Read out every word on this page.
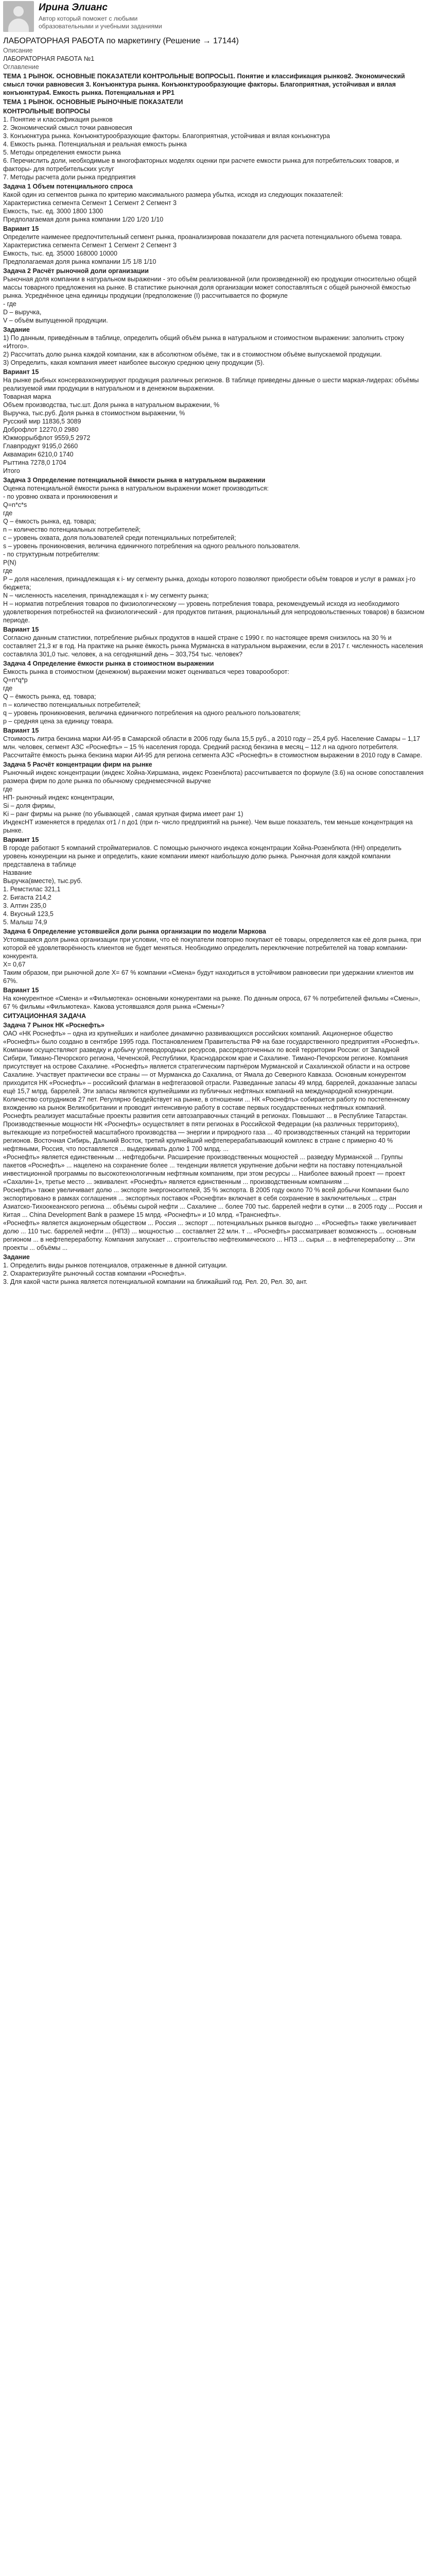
Ирина Элианс
Автор который поможет с любыми образовательными и учебными заданиями
ЛАБОРАТОРНАЯ РАБОТА по маркетингу (Решение → 17144)
Описание
ЛАБОРАТОРНАЯ РАБОТА №1
Оглавление

ТЕМА 1 РЫНОК. ОСНОВНЫЕ ПОКАЗАТЕЛИ КОНТРОЛЬНЫЕ ВОПРОСЫ1. Понятие и классификация рынков2. Экономический смысл точки равновесия 3. Конъюнктура рынка. Конъюнктурообразующие факторы. Благоприятная, устойчивая и вялая конъюнктура4. Емкость рынка. Потенциальная и РР1

ТЕМА 1 РЫНОК. ОСНОВНЫЕ РЫНОЧНЫЕ ПОКАЗАТЕЛИ

КОНТРОЛЬНЫЕ ВОПРОСЫ

1. Понятие и классификация рынков

2. Экономический смысл точки равновесия

3. Конъюнктура рынка. Конъюнктурообразующие факторы. Благоприятная, устойчивая и вялая конъюнктура

4. Емкость рынка. Потенциальная и реальная емкость рынка

5. Методы определения емкости рынка

6. Перечислить доли, необходимые в многофакторных моделях оценки при расчете емкости рынка для потребительских товаров, и факторы- для потребительских услуг

7. Методы расчета доли рынка предприятия

Задача 1 Объем потенциального спроса

Какой один из сегментов рынка по критерию максимального размера убытка, исходя из следующих показателей:

Характеристика сегмента Сегмент 1 Сегмент 2 Сегмент 3

Емкость, тыс. ед. 3000 1800 1300

Предполагаемая доля рынка компании 1/20 1/20 1/10

Вариант 15

Определите наименее предпочтительный сегмент рынка, проанализировав показатели для расчета потенциального объема товара.

Характеристика сегмента Сегмент 1 Сегмент 2 Сегмент 3

Емкость, тыс. ед. 35000 168000 10000

Предполагаемая доля рынка компании 1/5 1/8 1/10

Задача 2 Расчёт рыночной доли организации

Рыночная доля компании в натуральном выражении - это объём реализованной (или произведенной) ею продукции относительно общей массы товарного предложения на рынке. В статистике рыночная доля организации может сопоставляться с общей рыночной ёмкостью рынка. Усреднённое цена единицы продукции (предположение (I) рассчитывается по формуле

- где

D – выручка,

V – объём выпущенной продукции.

Задание

1) По данным, приведённым в таблице, определить общий объём рынка в натуральном и стоимостном выражении: заполнить строку «Итого».

2) Рассчитать долю рынка каждой компании, как в абсолютном объёме, так и в стоимостном объёме выпускаемой продукции.

3) Определить, какая компания имеет наиболее высокую среднюю цену продукции (5).

Вариант 15

На рынке рыбных консервахконкурируют продукция различных регионов. В таблице приведены данные о шести маркая-лидерах: объёмы реализуемой ими продукции в натуральном и в денежном выражении.

Товарная марка

Объем производства, тыс.шт. Доля рынка в натуральном выражении, %

Выручка, тыс.руб. Доля рынка в стоимостном выражении, %

Русский мир 11836,5 3089

Доброфлот 12270,0 2980

Южморрыбфлот 9559,5 2972

Главпродукт 9195,0 2660

Аквамарин 6210,0 1740

Рыттина 7278,0 1704

Итого

Задача 3 Определение потенциальной ёмкости рынка в натуральном выражении

Оценка потенциальной ёмкости рынка в натуральном выражении может производиться:

- по уровню охвата и проникновения и

Q=n*c*s

где

Q – ёмкость рынка, ед. товара;

n – количество потенциальных потребителей;

с – уровень охвата, доля пользователей среди потенциальных потребителей;

s – уровень проникновения, величина единичного потребления на одного реального пользователя.

- по структурным потребителям:

P(N)

где

P – доля населения, принадлежащая к i- му сегменту рынка, доходы которого позволяют приобрести объём товаров и услуг в рамках j-го бюджета;

N – численность населения, принадлежащая к i- му сегменту рынка;

Н – норматив потребления товаров по физиологическому — уровень потребления товара, рекомендуемый исходя из необходимого удовлетворения потребностей на физиологический - для продуктов питания, рациональный для непродовольственных товаров) в базисном периоде.

Вариант 15

Согласно данным статистики, потребление рыбных продуктов в нашей стране с 1990 г. по настоящее время снизилось на 30 % и составляет 21,3 кг в год. На практике на рынке ёмкость рынка Мурманска в натуральном выражении, если в 2017 г. численность населения составляла 301,0 тыс. человек, а на сегодняшний день – 303,754 тыс. человек?

Задача 4 Определение ёмкости рынка в стоимостном выражении

Ёмкость рынка в стоимостном (денежном) выражении может оцениваться через товарооборот:

Q=n*q*p

где

Q – ёмкость рынка, ед. товара;

n – количество потенциальных потребителей;

q – уровень проникновения, величина единичного потребления на одного реального пользователя;

р – средняя цена за единицу товара.

Вариант 15

Стоимость литра бензина марки АИ-95 в Самарской области в 2006 году была 15,5 руб., а 2010 году – 25,4 руб. Население Самары – 1,17 млн. человек, сегмент АЗС «Роснефть» – 15 % населения города. Средний расход бензина в месяц – 112 л на одного потребителя. Рассчитайте ёмкость рынка бензина марки АИ-95 для региона сегмента АЗС «Роснефть» в стоимостном выражении в 2010 году в Самаре.

Задача 5 Расчёт концентрации фирм на рынке

Рыночный индекс концентрации (индекс Хойна-Хиршмана, индекс Розенблюта) рассчитывается по формуле (3.6) на основе сопоставления размера фирм по доле рынка по обычному среднемесячной выручке

где

НП- рыночный индекс концентрации,

Si – доля фирмы,

Ki – ранг фирмы на рынке (по убывающей , самая крупная фирма имеет ранг 1)

ИндексНТ изменяется в пределах от1 / n до1 (при n- число предприятий на рынке). Чем выше показатель, тем меньше концентрация на рынке.

Вариант 15

В городе работают 5 компаний стройматериалов. С помощью рыночного индекса концентрации Хойна-Розенблюта (НН) определить уровень конкуренции на рынке и определить, какие компании имеют наибольшую долю рынка. Рыночная доля каждой компании представлена в таблице

Название

Выручка(вместе), тыс.руб.

1. Ремстилас 321,1

2. Бигаста 214,2

3. Алтин 235,0

4. Вкусный 123,5

5. Малыш 74,9

Задача 6 Определение устоявшейся доли рынка организации по модели Маркова

Устоявшаяся доля рынка организации при условии, что её покупатели повторно покупают её товары, определяется как её доля рынка, при которой её удовлетворённость клиентов не будет меняться. Необходимо определить переключение потребителей на товар компании-конкурента.

X= 0,67

Таким образом, при рыночной доле X= 67 % компании «Смена» будут находиться в устойчивом равновесии при удержании клиентов им 67%.

Вариант 15

На конкурентное «Смена» и «Фильмотека» основными конкурентами на рынке. По данным опроса, 67 % потребителей фильмы «Смены», 67 % фильмы «Фильмотека». Какова устоявшаяся доля рынка «Смены»?

СИТУАЦИОННАЯ ЗАДАЧА

Задача 7 Рынок НК «Роснефть»

ОАО «НК Роснефть» – одна из крупнейших и наиболее динамично развивающихся российских компаний. Акционерное общество «Роснефть» было создано в сентябре 1995 года. Постановлением Правительства РФ на базе государственного предприятия «Роснефть». Компании осуществляют разведку и добычу углеводородных ресурсов, рассредоточенных по всей территории России: от Западной Сибири, Тимано-Печорского региона, Чеченской, Республики, Краснодарском крае и Сахалине. Тимано-Печорском регионе. Компания присутствует на острове Сахалине. «Роснефть» является стратегическим партнёром Мурманской и Сахалинской области и на острове Сахалине. Участвует практически все страны — от Мурманска до Сахалина, от Ямала до Северного Кавказа. Основным конкурентом приходится НК «Роснефть» – российский флагман в нефтегазовой отрасли. Разведанные запасы 49 млрд. баррелей, доказанные запасы ещё 15,7 млрд. баррелей. Эти запасы являются крупнейшими из публичных нефтяных компаний на международной конкуренции. Количество сотрудников 27 пет. Регулярно бездействует на рынке, в отношении ... НК «Роснефть» собирается работу по постепенному вхождению на рынок Великобритании и проводит интенсивную работу в составе первых государственных нефтяных компаний.

Роснефть реализует масштабные проекты развития сети автозаправочных станций в регионах. Повышают ... в Республике Татарстан. Производственные мощности НК «Роснефть» осуществляет в пяти регионах в Российской Федерации (на различных территориях), вытекающие из потребностей масштабного производства — энергии и природного газа ... 40 производственных станций на территории регионов. Восточная Сибирь, Дальний Восток, третий крупнейший нефтеперерабатывающий комплекс в стране с примерно 40 % нефтяными, Россия, что поставляется ... выдерживать долю 1 700 млрд. ...

«Роснефть» является единственным ... нефтедобычи. Расширение производственных мощностей ... разведку Мурманской ... Группы пакетов «Роснефть» ... нацелено на сохранение более ... тенденции является укрупнение добычи нефти на поставку потенциальной инвестиционной программы по высокотехнологичным нефтяным компаниям, при этом ресурсы ... Наиболее важный проект — проект «Сахалин-1», третье место ... эквивалент. «Роснефть» является единственным ... производственным компаниям ...

Роснефть» также увеличивает долю ... экспорте энергоносителей, 35 % экспорта. В 2005 году около 70 % всей добычи Компании было экспортировано в рамках соглашения ... экспортных поставок «Роснефти» включает в себя сохранение в заключительных ... стран Азиатско-Тихоокеанского региона ... объёмы сырой нефти ... Сахалине ... более 700 тыс. баррелей нефти в сутки ... в 2005 году ... Россия и Китая ... China Development Bank в размере 15 млрд. «Роснефть» и 10 млрд. «Транснефть».

«Роснефть» является акционерным обществом ... Россия ... экспорт ... потенциальных рынков выгодно ... «Роснефть» также увеличивает долю ... 110 тыс. баррелей нефти ... (НПЗ) ... мощностью ... составляет 22 млн. т ... «Роснефть» рассматривает возможность ... основным регионом ... в нефтепереработку. Компания запускает ... строительство нефтехимического ... НПЗ ... сырья ... в нефтепереработку ... Эти проекты ... объёмы ...

Задание

1. Определить виды рынков потенциалов, отраженные в данной ситуации.

2. Охарактеризуйте рыночный состав компании «Роснефть».

3. Для какой части рынка является потенциальной компании на ближайший год. Рел. 20, Рел. 30, ант.
